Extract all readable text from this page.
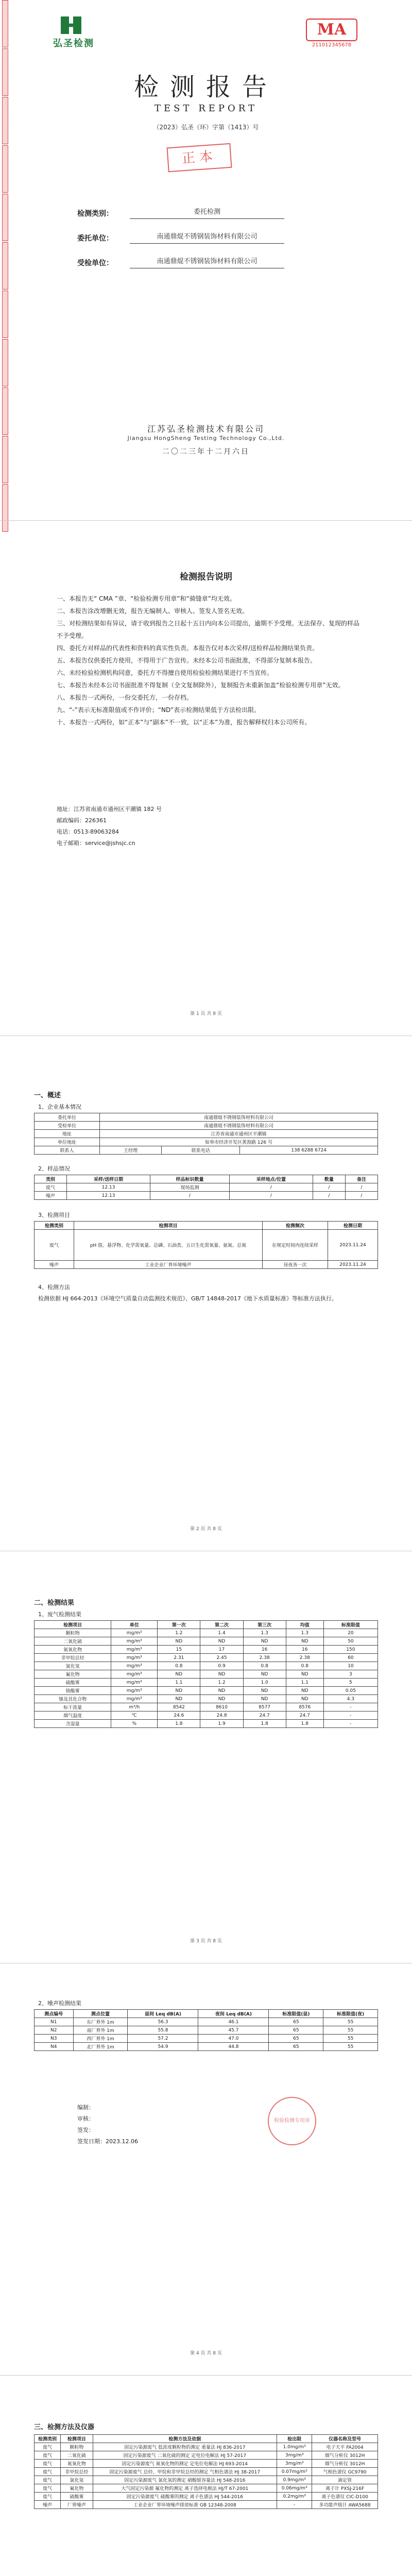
弘圣检测
MA
211012345678
检测报告
TEST REPORT
（2023）弘圣（环）字第（1413）号
正本
检测类别：	委托检测
委托单位：	南通鼎焜不锈钢装饰材料有限公司
受检单位：	南通鼎焜不锈钢装饰材料有限公司
江苏弘圣检测技术有限公司
Jiangsu HongSheng Testing Technology Co.,Ltd.
二〇二三年十二月六日
检测报告说明
一、本报告无“ CMA ”章、“检验检测专用章”和“骑缝章”均无效。
二、本报告涂改增删无效，报告无编制人、审核人、签发人签名无效。
三、对检测结果如有异议，请于收到报告之日起十五日内向本公司提出，逾期不予受理。无法保存、复现的样品不予受理。
四、委托方对样品的代表性和资料的真实性负责。本报告仅对本次采样/送检样品检测结果负责。
五、本报告仅供委托方使用，不得用于广告宣传。未经本公司书面批准，不得部分复制本报告。
六、未经检验检测机构同意，委托方不得擅自使用检验检测结果进行不当宣传。
七、本报告未经本公司书面批准不得复制（全文复制除外），复制报告未重新加盖“检验检测专用章”无效。
八、本报告一式两份，一份交委托方，一份存档。
九、“-”表示无标准限值或不作评价；“ND”表示检测结果低于方法检出限。
十、本报告一式两份，如“正本”与“副本”不一致，以“正本”为准，报告解释权归本公司所有。
地址：江苏省南通市通州区平潮镇 182 号
邮政编码：226361
电话：0513-89063284
电子邮箱：service@jshsjc.cn
第 1 页 共 8 页
一、概述
1、企业基本情况
委托单位	南通鼎焜不锈钢装饰材料有限公司		
受检单位	南通鼎焜不锈钢装饰材料有限公司		
地址	江苏省南通市通州区平潮镇		
单位地址	如皋市经济开发区黄海路 126 号		
联系人	王经理	联系电话	138 6288 6724
2、样品情况
类别	采样/送样日期	样品标识数量	采样地点/位置	数量	备注
废气	12.13	现场监测	/	/	/
噪声	12.13	/	/	/	/
3、检测项目
检测类别	检测项目	检测频次	检测日期
废气	pH 值、悬浮物、化学需氧量、总磷、石油类、五日生化需氧量、氨氮、总氮	在规定时间内连续采样	2023.11.24
噪声	工业企业厂界环境噪声	昼夜各一次	2023.11.24
4、检测方法
检测依据 HJ 664-2013《环境空气质量自动监测技术规范》、GB/T 14848-2017《地下水质量标准》等标准方法执行。
第 2 页 共 8 页
二、检测结果
1、废气检测结果
检测项目	单位	第一次	第二次	第三次	均值	标准限值
颗粒物	mg/m³	1.2	1.4	1.3	1.3	20
二氧化硫	mg/m³	ND	ND	ND	ND	50
氮氧化物	mg/m³	15	17	16	16	150
非甲烷总烃	mg/m³	2.31	2.45	2.38	2.38	60
氯化氢	mg/m³	0.8	0.9	0.8	0.8	10
氟化物	mg/m³	ND	ND	ND	ND	3
硫酸雾	mg/m³	1.1	1.2	1.0	1.1	5
铬酸雾	mg/m³	ND	ND	ND	ND	0.05
镍及其化合物	mg/m³	ND	ND	ND	ND	4.3
标干流量	m³/h	8542	8610	8577	8576	-
烟气温度	℃	24.6	24.8	24.7	24.7	-
含湿量	%	1.8	1.9	1.8	1.8	-
第 3 页 共 8 页
2、噪声检测结果
测点编号	测点位置	昼间 Leq dB(A)	夜间 Leq dB(A)	标准限值(昼)	标准限值(夜)
N1	东厂界外 1m	56.3	46.1	65	55
N2	南厂界外 1m	55.8	45.7	65	55
N3	西厂界外 1m	57.2	47.0	65	55
N4	北厂界外 1m	54.9	44.8	65	55
编制：
审核：
签发：
签发日期：2023.12.06
检验检测专用章
第 4 页 共 8 页
三、检测方法及仪器
检测类别	检测项目	检测方法及依据	检出限	仪器名称及型号
废气	颗粒物	固定污染源废气 低浓度颗粒物的测定 重量法 HJ 836-2017	1.0mg/m³	电子天平 FA2004
废气	二氧化硫	固定污染源废气 二氧化硫的测定 定电位电解法 HJ 57-2017	3mg/m³	烟气分析仪 3012H
废气	氮氧化物	固定污染源废气 氮氧化物的测定 定电位电解法 HJ 693-2014	3mg/m³	烟气分析仪 3012H
废气	非甲烷总烃	固定污染源废气 总烃、甲烷和非甲烷总烃的测定 气相色谱法 HJ 38-2017	0.07mg/m³	气相色谱仪 GC9790
废气	氯化氢	固定污染源废气 氯化氢的测定 硝酸银容量法 HJ 548-2016	0.9mg/m³	滴定管
废气	氟化物	大气固定污染源 氟化物的测定 离子选择电极法 HJ/T 67-2001	0.06mg/m³	离子计 PXSJ-216F
废气	硫酸雾	固定污染源废气 硫酸雾的测定 离子色谱法 HJ 544-2016	0.2mg/m³	离子色谱仪 CIC-D100
噪声	厂界噪声	工业企业厂界环境噪声排放标准 GB 12348-2008	-	多功能声级计 AWA5688
